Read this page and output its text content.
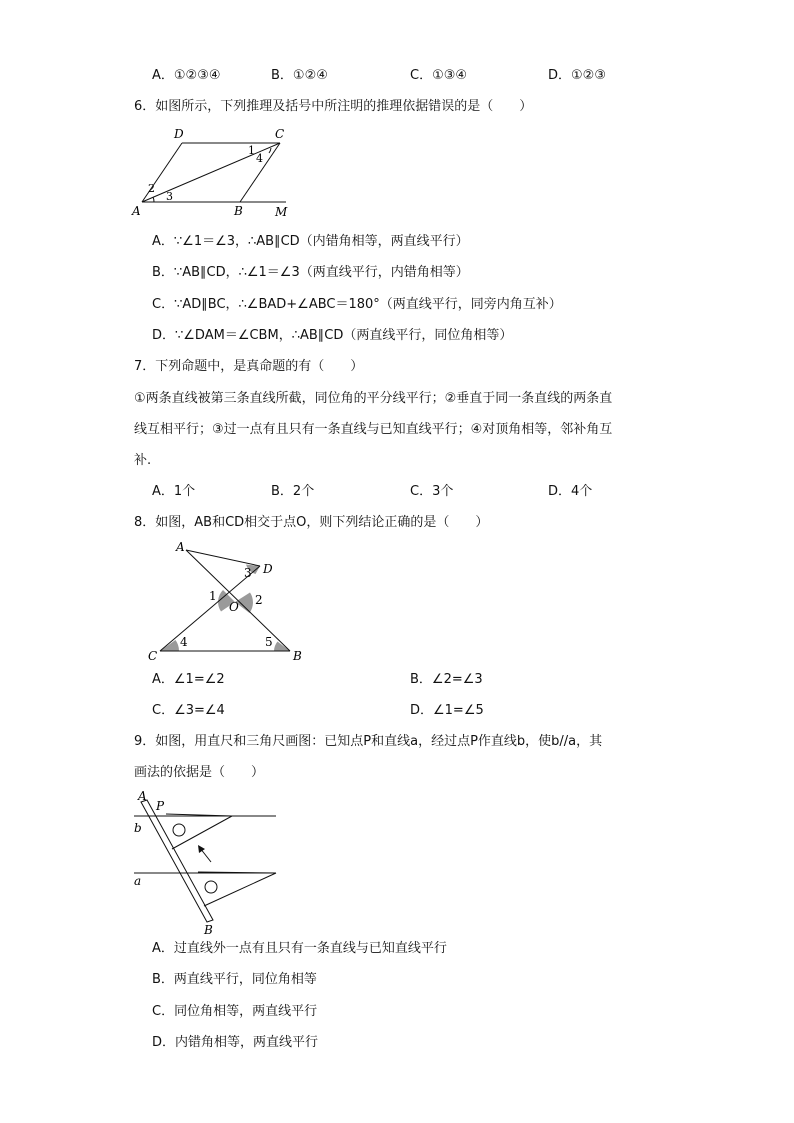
A．①②③④	B．①②④	C．①③④	D．①②③
6．如图所示，下列推理及括号中所注明的推理依据错误的是（　　）
D	C
1
4
2
3
A	B	M
A．∵∠1＝∠3，∴AB∥CD（内错角相等，两直线平行）
B．∵AB∥CD，∴∠1＝∠3（两直线平行，内错角相等）
C．∵AD∥BC，∴∠BAD+∠ABC＝180°（两直线平行，同旁内角互补）
D．∵∠DAM＝∠CBM，∴AB∥CD（两直线平行，同位角相等）
7．下列命题中，是真命题的有（　　）
①两条直线被第三条直线所截，同位角的平分线平行；②垂直于同一条直线的两条直
线互相平行；③过一点有且只有一条直线与已知直线平行；④对顶角相等，邻补角互
补.
A．1个	B．2个	C．3个	D．4个
8．如图，AB和CD相交于点O，则下列结论正确的是（　　）
A
D
3
1
O 2
C
4	5
B
A．∠1=∠2	B．∠2=∠3
C．∠3=∠4	D．∠1=∠5
9．如图，用直尺和三角尺画图：已知点P和直线a，经过点P作直线b，使b//a，其
画法的依据是（　　）
A
P
b
a
B
A．过直线外一点有且只有一条直线与已知直线平行
B．两直线平行，同位角相等
C．同位角相等，两直线平行
D．内错角相等，两直线平行
